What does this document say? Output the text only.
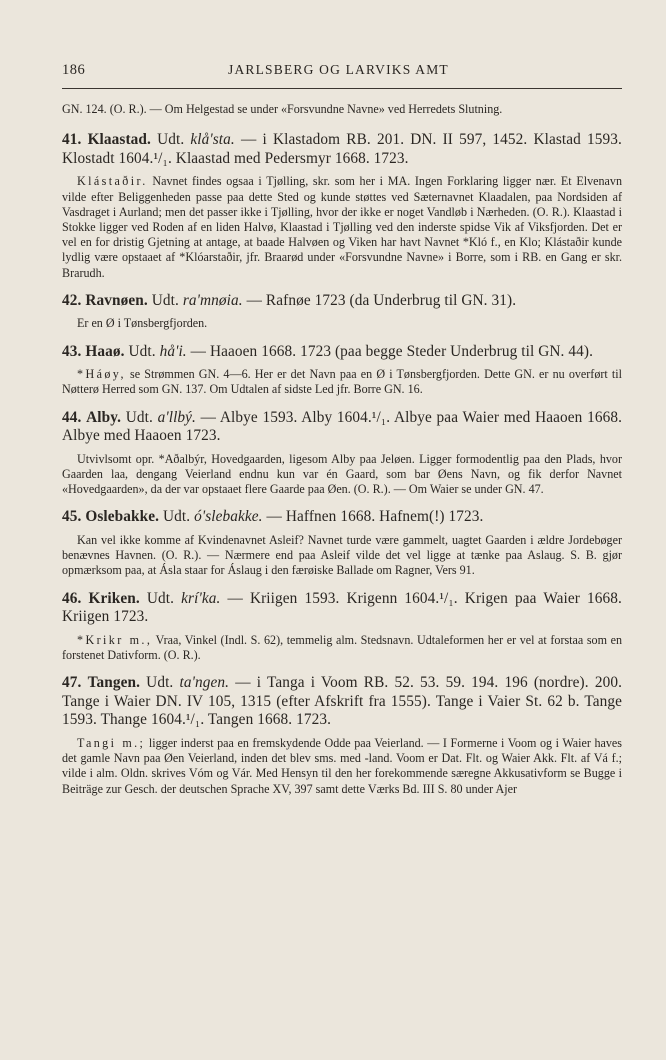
186	JARLSBERG OG LARVIKS AMT

GN. 124. (O. R.). — Om Helgestad se under «Forsvundne Navne» ved Herredets Slutning.

41. Klaastad. Udt. klå'sta. — i Klastadom RB. 201. DN. II 597, 1452. Klastad 1593. Klostadt 1604.¹/₁. Klaastad med Pedersmyr 1668. 1723.

Klástaðir. Navnet findes ogsaa i Tjølling, skr. som her i MA. Ingen Forklaring ligger nær. Et Elvenavn vilde efter Beliggenheden passe paa dette Sted og kunde støttes ved Sæternavnet Klaadalen, paa Nordsiden af Vasdraget i Aurland; men det passer ikke i Tjølling, hvor der ikke er noget Vandløb i Nærheden. (O. R.). Klaastad i Stokke ligger ved Roden af en liden Halvø, Klaastad i Tjølling ved den inderste spidse Vik af Viksfjorden. Det er vel en for dristig Gjetning at antage, at baade Halvøen og Viken har havt Navnet *Kló f., en Klo; Klástaðir kunde lydlig være opstaaet af *Klóarstaðir, jfr. Braarød under «Forsvundne Navne» i Borre, som i RB. en Gang er skr. Brarudh.

42. Ravnøen. Udt. ra'mnøia. — Rafnøe 1723 (da Underbrug til GN. 31).

Er en Ø i Tønsbergfjorden.

43. Haaø. Udt. hå'i. — Haaoen 1668. 1723 (paa begge Steder Underbrug til GN. 44).

*Háøy, se Strømmen GN. 4—6. Her er det Navn paa en Ø i Tønsbergfjorden. Dette GN. er nu overført til Nøtterø Herred som GN. 137. Om Udtalen af sidste Led jfr. Borre GN. 16.

44. Alby. Udt. a'llbý. — Albye 1593. Alby 1604.¹/₁. Albye paa Waier med Haaoen 1668. Albye med Haaoen 1723.

Utvivlsomt opr. *Aðalbýr, Hovedgaarden, ligesom Alby paa Jeløen. Ligger formodentlig paa den Plads, hvor Gaarden laa, dengang Veierland endnu kun var én Gaard, som bar Øens Navn, og fik derfor Navnet «Hovedgaarden», da der var opstaaet flere Gaarde paa Øen. (O. R.). — Om Waier se under GN. 47.

45. Oslebakke. Udt. ó'slebakke. — Haffnen 1668. Hafnem(!) 1723.

Kan vel ikke komme af Kvindenavnet Asleif? Navnet turde være gammelt, uagtet Gaarden i ældre Jordebøger benævnes Havnen. (O. R.). — Nærmere end paa Asleif vilde det vel ligge at tænke paa Aslaug. S. B. gjør opmærksom paa, at Ásla staar for Áslaug i den færøiske Ballade om Ragner, Vers 91.

46. Kriken. Udt. krí'ka. — Kriigen 1593. Krigenn 1604.¹/₁. Krigen paa Waier 1668. Kriigen 1723.

*Krikr m., Vraa, Vinkel (Indl. S. 62), temmelig alm. Stedsnavn. Udtaleformen her er vel at forstaa som en forstenet Dativform. (O. R.).

47. Tangen. Udt. ta'ngen. — i Tanga i Voom RB. 52. 53. 59. 194. 196 (nordre). 200. Tange i Waier DN. IV 105, 1315 (efter Afskrift fra 1555). Tange i Vaier St. 62 b. Tange 1593. Thange 1604.¹/₁. Tangen 1668. 1723.

Tangi m.; ligger inderst paa en fremskydende Odde paa Veierland. — I Formerne i Voom og i Waier haves det gamle Navn paa Øen Veierland, inden det blev sms. med -land. Voom er Dat. Flt. og Waier Akk. Flt. af Vá f.; vilde i alm. Oldn. skrives Vóm og Vár. Med Hensyn til den her forekommende særegne Akkusativform se Bugge i Beiträge zur Gesch. der deutschen Sprache XV, 397 samt dette Værks Bd. III S. 80 under Ajer
